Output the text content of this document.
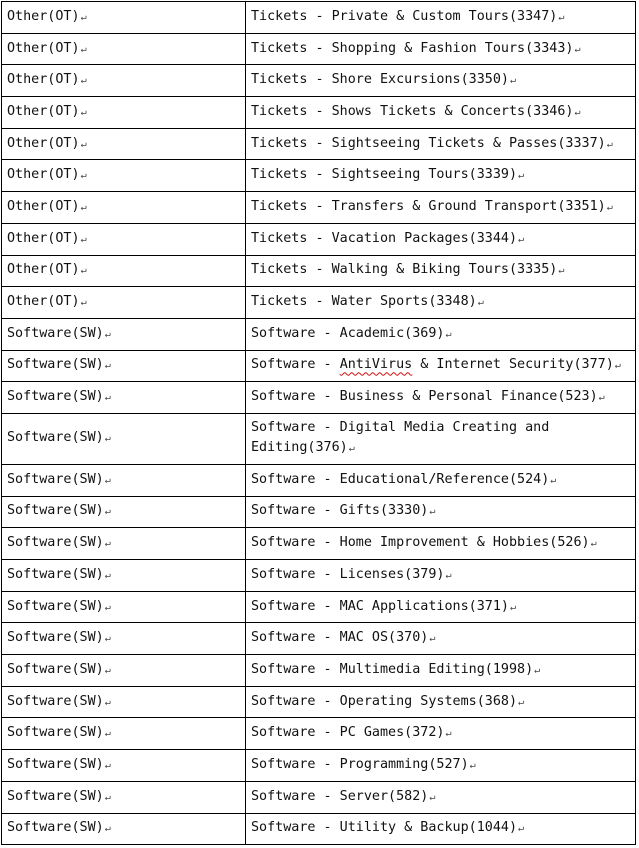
Other(OT)↵	Tickets - Private & Custom Tours(3347)↵
Other(OT)↵	Tickets - Shopping & Fashion Tours(3343)↵
Other(OT)↵	Tickets - Shore Excursions(3350)↵
Other(OT)↵	Tickets - Shows Tickets & Concerts(3346)↵
Other(OT)↵	Tickets - Sightseeing Tickets & Passes(3337)↵
Other(OT)↵	Tickets - Sightseeing Tours(3339)↵
Other(OT)↵	Tickets - Transfers & Ground Transport(3351)↵
Other(OT)↵	Tickets - Vacation Packages(3344)↵
Other(OT)↵	Tickets - Walking & Biking Tours(3335)↵
Other(OT)↵	Tickets - Water Sports(3348)↵
Software(SW)↵	Software - Academic(369)↵
Software(SW)↵	Software - AntiVirus & Internet Security(377)↵
Software(SW)↵	Software - Business & Personal Finance(523)↵
Software(SW)↵	Software - Digital Media Creating and Editing(376)↵
Software(SW)↵	Software - Educational/Reference(524)↵
Software(SW)↵	Software - Gifts(3330)↵
Software(SW)↵	Software - Home Improvement & Hobbies(526)↵
Software(SW)↵	Software - Licenses(379)↵
Software(SW)↵	Software - MAC Applications(371)↵
Software(SW)↵	Software - MAC OS(370)↵
Software(SW)↵	Software - Multimedia Editing(1998)↵
Software(SW)↵	Software - Operating Systems(368)↵
Software(SW)↵	Software - PC Games(372)↵
Software(SW)↵	Software - Programming(527)↵
Software(SW)↵	Software - Server(582)↵
Software(SW)↵	Software - Utility & Backup(1044)↵
